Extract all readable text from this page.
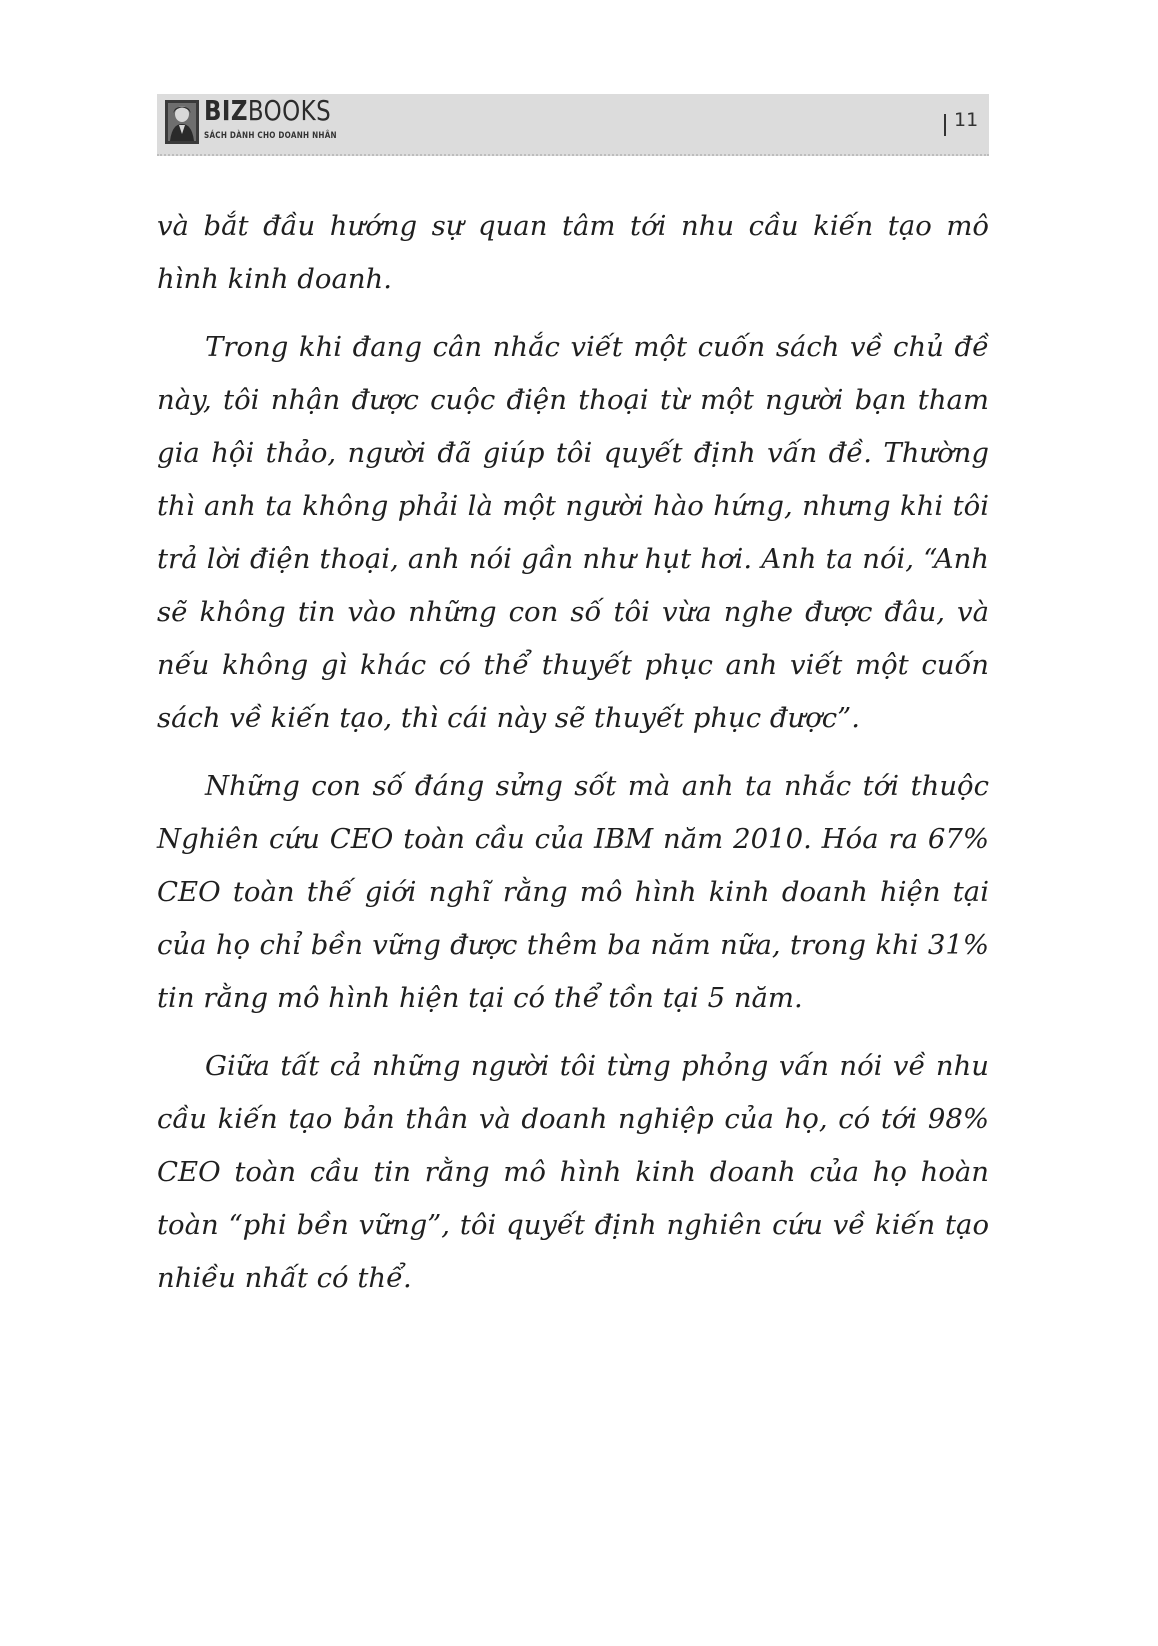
BIZBOOKS
SÁCH DÀNH CHO DOANH NHÂN
11

và bắt đầu hướng sự quan tâm tới nhu cầu kiến tạo mô hình kinh doanh.

Trong khi đang cân nhắc viết một cuốn sách về chủ đề này, tôi nhận được cuộc điện thoại từ một người bạn tham gia hội thảo, người đã giúp tôi quyết định vấn đề. Thường thì anh ta không phải là một người hào hứng, nhưng khi tôi trả lời điện thoại, anh nói gần như hụt hơi. Anh ta nói, “Anh sẽ không tin vào những con số tôi vừa nghe được đâu, và nếu không gì khác có thể thuyết phục anh viết một cuốn sách về kiến tạo, thì cái này sẽ thuyết phục được”.

Những con số đáng sửng sốt mà anh ta nhắc tới thuộc Nghiên cứu CEO toàn cầu của IBM năm 2010. Hóa ra 67% CEO toàn thế giới nghĩ rằng mô hình kinh doanh hiện tại của họ chỉ bền vững được thêm ba năm nữa, trong khi 31% tin rằng mô hình hiện tại có thể tồn tại 5 năm.

Giữa tất cả những người tôi từng phỏng vấn nói về nhu cầu kiến tạo bản thân và doanh nghiệp của họ, có tới 98% CEO toàn cầu tin rằng mô hình kinh doanh của họ hoàn toàn “phi bền vững”, tôi quyết định nghiên cứu về kiến tạo nhiều nhất có thể.
